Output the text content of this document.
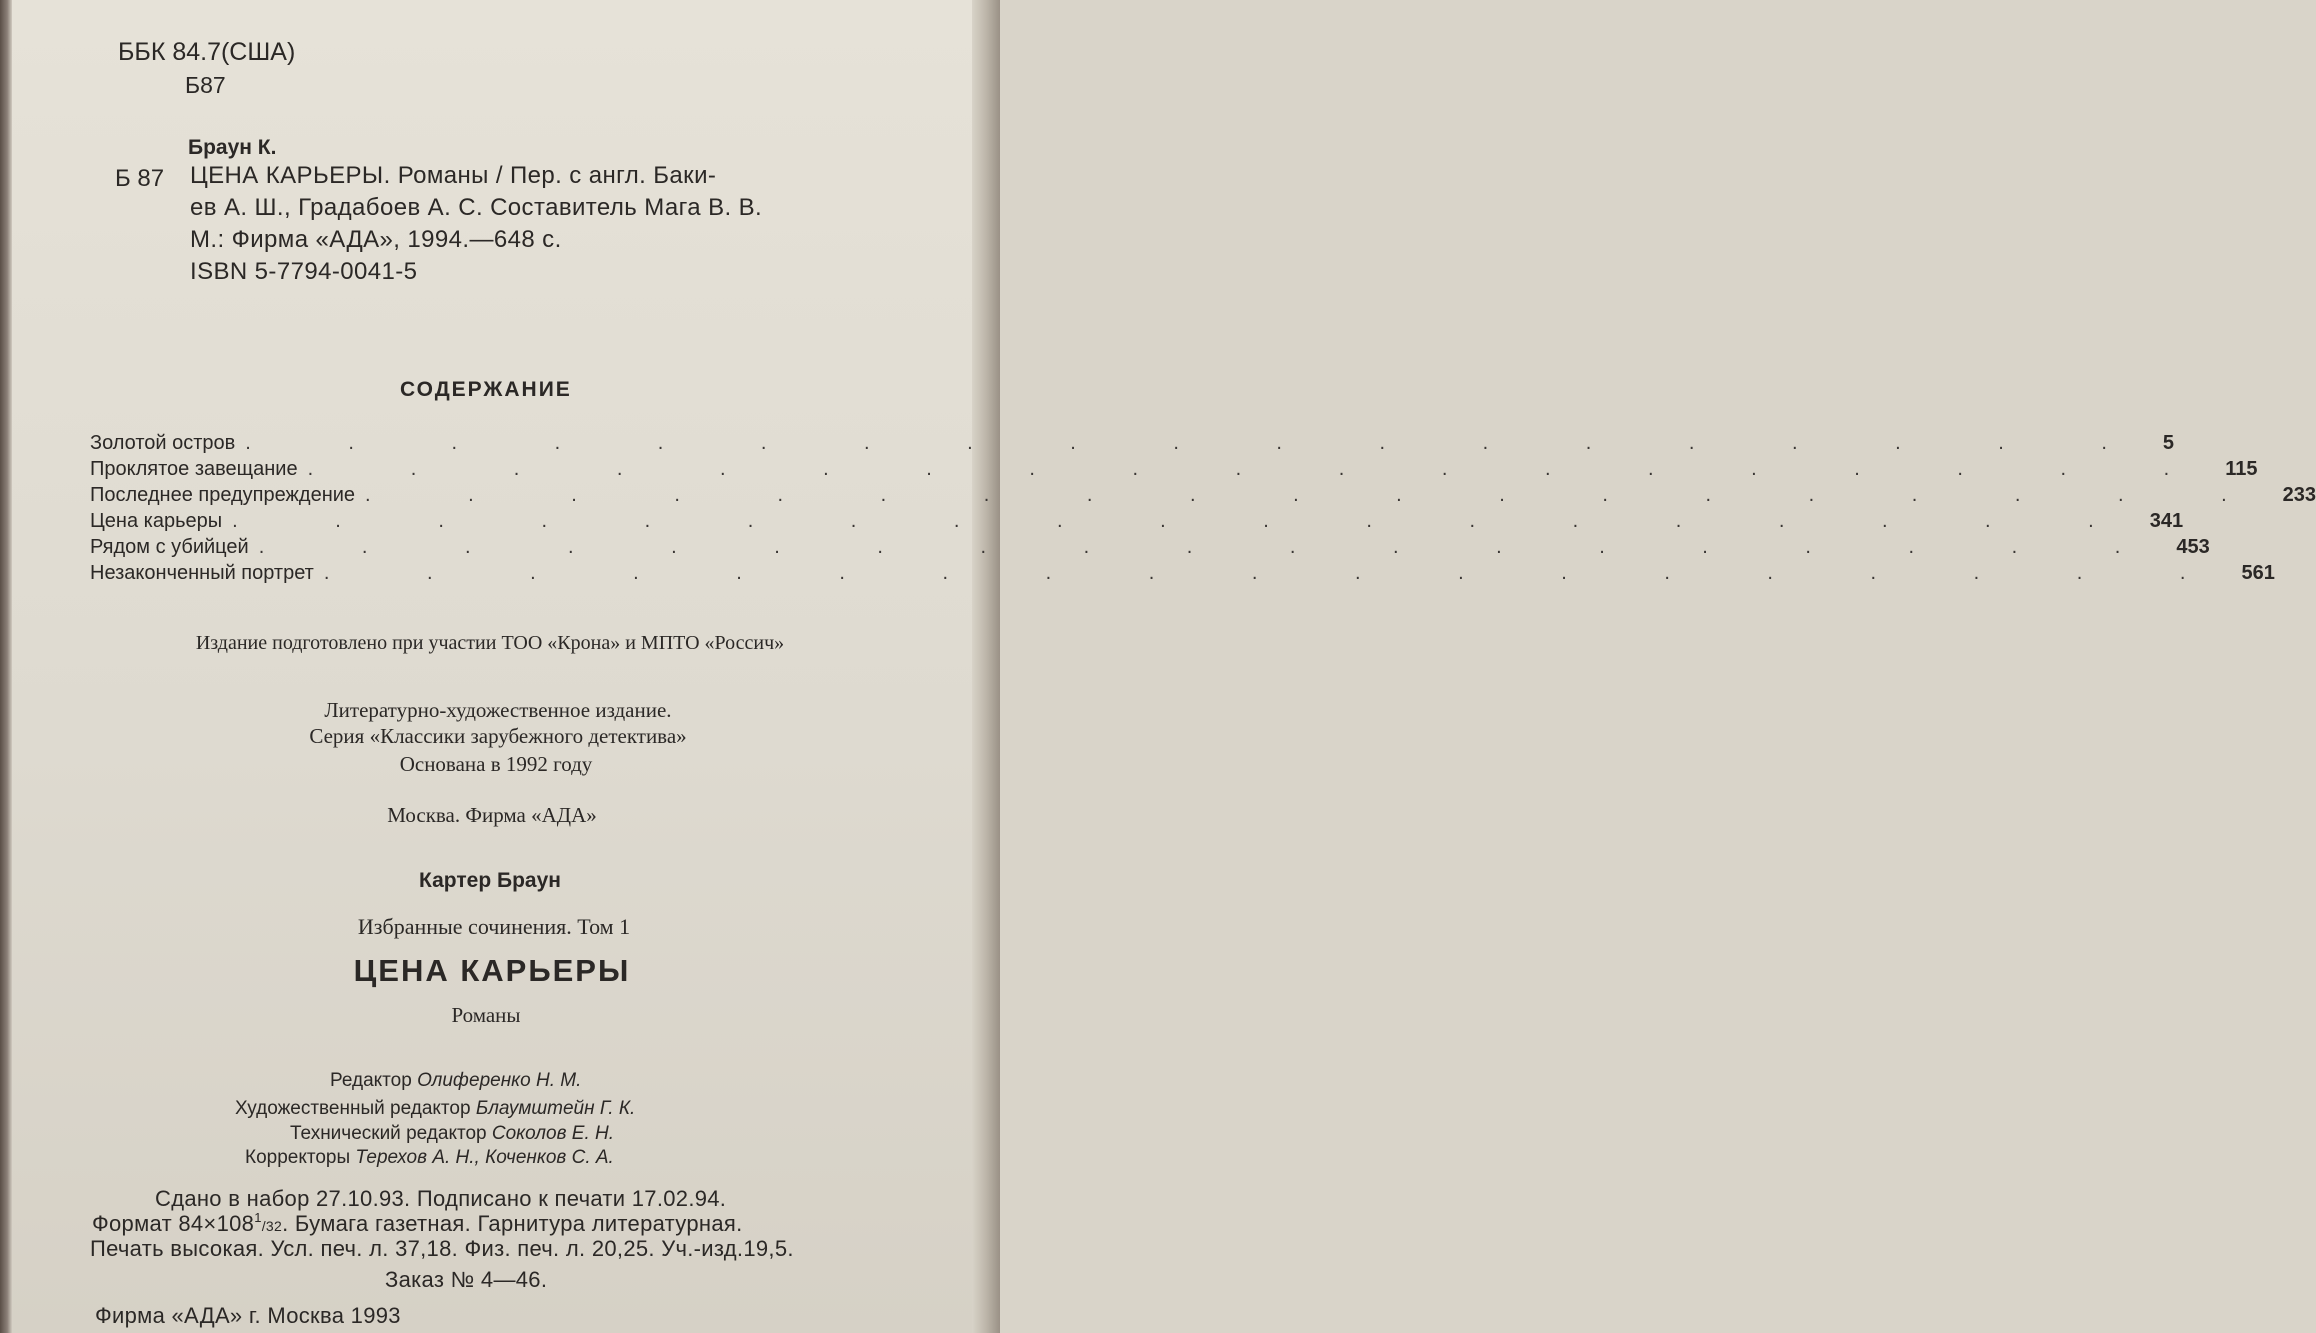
ББК 84.7(США)
Б87
Браун К.
Б 87 ЦЕНА КАРЬЕРЫ. Романы / Пер. с англ. Баки-
ев А. Ш., Градабоев А. С. Составитель Мага В. В.
М.: Фирма «АДА», 1994.—648 с.
ISBN 5-7794-0041-5
СОДЕРЖАНИЕ
Золотой остров . . . . . . . . . . . . . . . . . . . 5
Проклятое завещание . . . . . . . . . . . . . . . . . . . 115
Последнее предупреждение . . . . . . . . . . . . . . . . . . . 233
Цена карьеры . . . . . . . . . . . . . . . . . . . 341
Рядом с убийцей . . . . . . . . . . . . . . . . . . . 453
Незаконченный портрет . . . . . . . . . . . . . . . . . . . 561
Издание подготовлено при участии ТОО «Крона» и МПТО «Россич»
Литературно-художественное издание.
Серия «Классики зарубежного детектива»
Основана в 1992 году
Москва. Фирма «АДА»
Картер Браун
Избранные сочинения. Том 1
ЦЕНА КАРЬЕРЫ
Романы
Редактор Олиференко Н. М.
Художественный редактор Блаумштейн Г. К.
Технический редактор Соколов Е. Н.
Корректоры Терехов А. Н., Коченков С. А.
Сдано в набор 27.10.93. Подписано к печати 17.02.94.
Формат $84\times 108^1/32$. Бумага газетная. Гарнитура литературная.
Печать высокая. Усл. печ. л. 37,18. Физ. печ. л. 20,25. Уч.-изд.19,5.
Заказ № 4—46.
Фирма «АДА» г. Москва 1993
